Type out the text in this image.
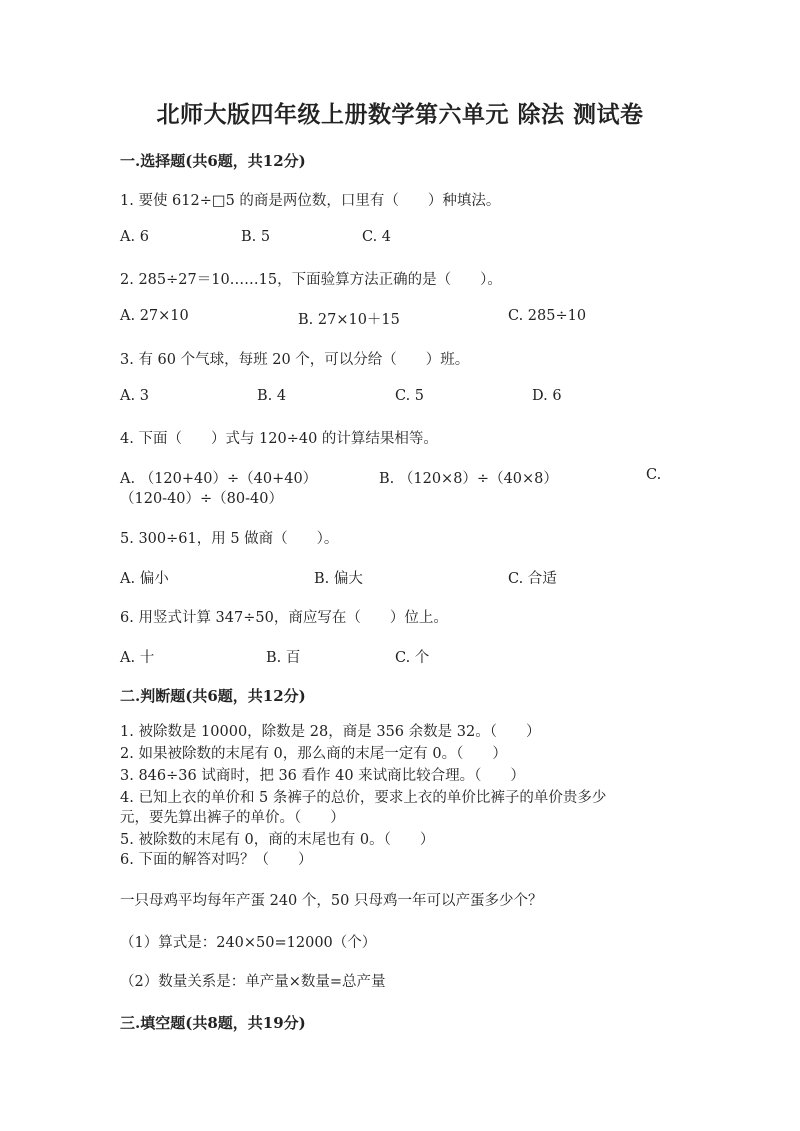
北师大版四年级上册数学第六单元 除法 测试卷
一.选择题(共6题，共12分)
1. 要使 612÷□5 的商是两位数，口里有（　　）种填法。
A. 6	B. 5	C. 4
2. 285÷27＝10……15，下面验算方法正确的是（　　）。
A. 27×10	B. 27×10＋15	C. 285÷10
3. 有 60 个气球，每班 20 个，可以分给（　　）班。
A. 3	B. 4	C. 5	D. 6
4. 下面（　　）式与 120÷40 的计算结果相等。
A. （120+40）÷（40+40）	B. （120×8）÷（40×8）	C.
（120-40）÷（80-40）
5. 300÷61，用 5 做商（　　）。
A. 偏小	B. 偏大	C. 合适
6. 用竖式计算 347÷50，商应写在（　　）位上。
A. 十	B. 百	C. 个
二.判断题(共6题，共12分)
1. 被除数是 10000，除数是 28，商是 356 余数是 32。（　　）
2. 如果被除数的末尾有 0，那么商的末尾一定有 0。（　　）
3. 846÷36 试商时，把 36 看作 40 来试商比较合理。（　　）
4. 已知上衣的单价和 5 条裤子的总价，要求上衣的单价比裤子的单价贵多少
元，要先算出裤子的单价。（　　）
5. 被除数的末尾有 0，商的末尾也有 0。（　　）
6. 下面的解答对吗？（　　）
一只母鸡平均每年产蛋 240 个，50 只母鸡一年可以产蛋多少个？
（1）算式是：240×50=12000（个）
（2）数量关系是：单产量×数量=总产量
三.填空题(共8题，共19分)
